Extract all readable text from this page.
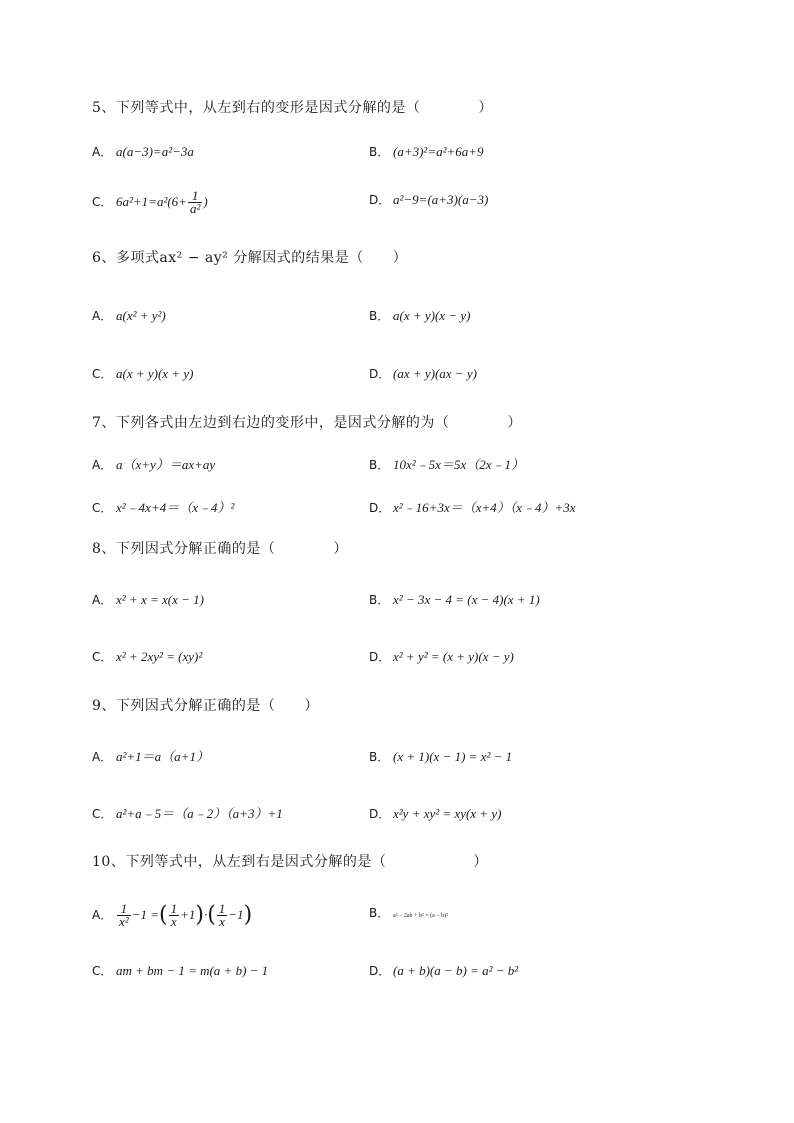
5、下列等式中，从左到右的变形是因式分解的是（　　　　）
A． a(a−3)=a²−3a	B． (a+3)²=a²+6a+9
C． $6a^2+1=a^2(6+ \frac{1}{\text{a²}}$ )	D． a²−9=(a+3)(a−3)
6、多项式ax² − ay² 分解因式的结果是（　　）
A． a(x² + y²)	B． a(x + y)(x − y)
C． a(x + y)(x + y)	D． (ax + y)(ax − y)
7、下列各式由左边到右边的变形中，是因式分解的为（　　　　）
A． a（x+y）＝ax+ay	B． 10x²﹣5x＝5x（2x﹣1）
C． x²﹣4x+4＝（x﹣4）²	D． x²﹣16+3x＝（x+4）（x﹣4）+3x
8、下列因式分解正确的是（　　　　）
A． x² + x = x(x − 1)	B． x² − 3x − 4 = (x − 4)(x + 1)
C． x² + 2xy² = (xy)²	D． x² + y² = (x + y)(x − y)
9、下列因式分解正确的是（　　）
A． a²+1＝a（a+1）	B． (x + 1)(x − 1) = x² − 1
C． a²+a﹣5＝（a﹣2）（a+3）+1	D． x²y + xy² = xy(x + y)
10、下列等式中，从左到右是因式分解的是（　　　　　　）
A． $\frac{1}{\text{x²}} -1$ =( $\frac{1}{x} +1)\cdot( \frac{1}{x} -1)$	B． a² − 2ab + b² = (a − b)²
C． am + bm − 1 = m(a + b) − 1	D． (a + b)(a − b) = a² − b²
